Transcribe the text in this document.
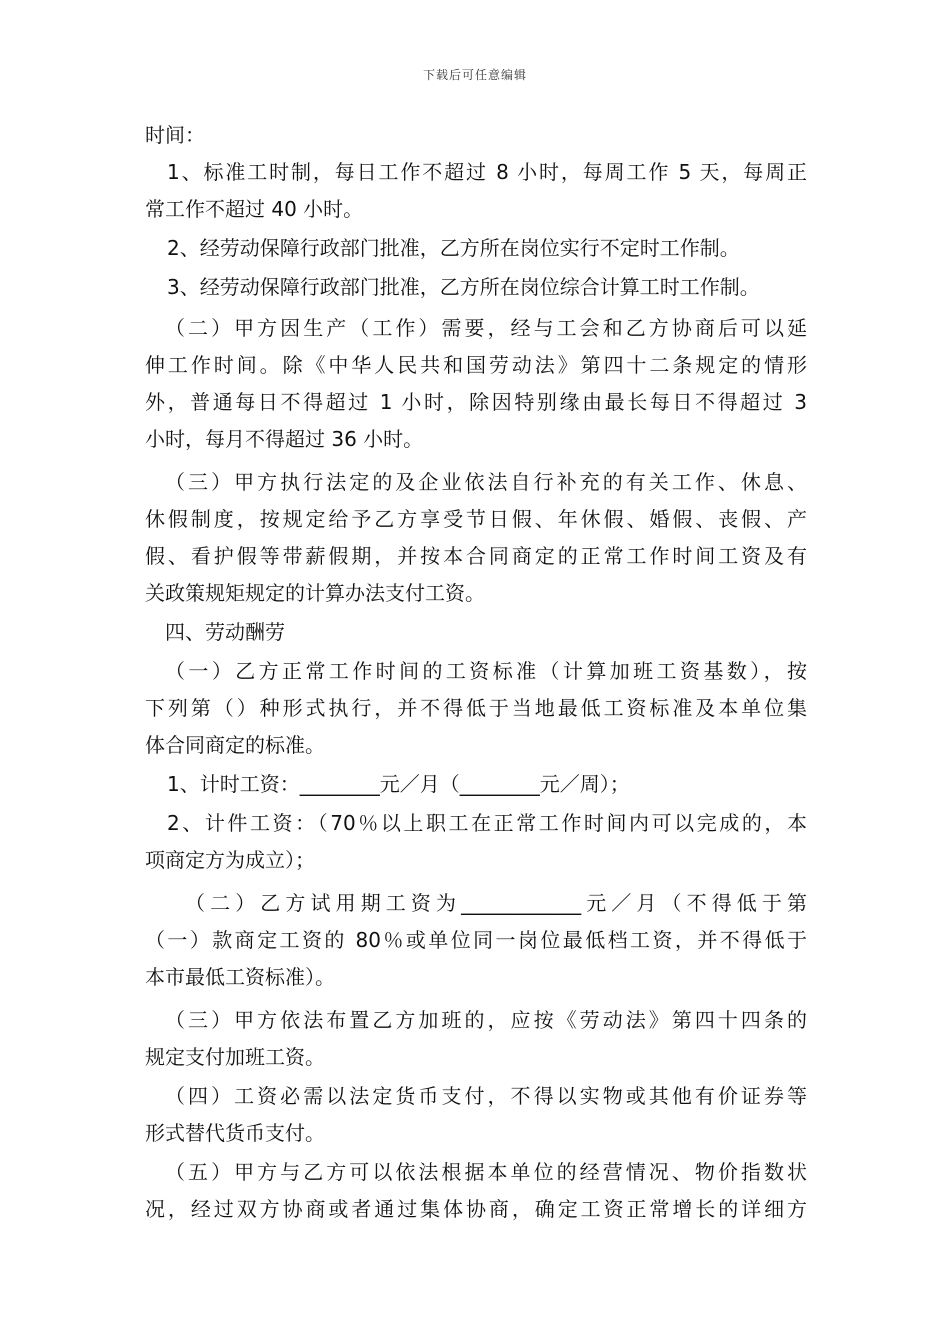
下载后可任意编辑
时间：
1、标准工时制，每日工作不超过 8 小时，每周工作 5 天，每周正
常工作不超过 40 小时。
2、经劳动保障行政部门批准，乙方所在岗位实行不定时工作制。
3、经劳动保障行政部门批准，乙方所在岗位综合计算工时工作制。
（二）甲方因生产（工作）需要，经与工会和乙方协商后可以延
伸工作时间。除《中华人民共和国劳动法》第四十二条规定的情形
外，普通每日不得超过 1 小时，除因特别缘由最长每日不得超过 3
小时，每月不得超过 36 小时。
（三）甲方执行法定的及企业依法自行补充的有关工作、休息、
休假制度，按规定给予乙方享受节日假、年休假、婚假、丧假、产
假、看护假等带薪假期，并按本合同商定的正常工作时间工资及有
关政策规矩规定的计算办法支付工资。
四、劳动酬劳
（一）乙方正常工作时间的工资标准（计算加班工资基数），按
下列第（）种形式执行，并不得低于当地最低工资标准及本单位集
体合同商定的标准。
1、计时工资：________元／月（________元／周）；
2、计件工资：（70％以上职工在正常工作时间内可以完成的，本
项商定方为成立）；
（二）乙方试用期工资为____________元／月（不得低于第
（一）款商定工资的 80％或单位同一岗位最低档工资，并不得低于
本市最低工资标准）。
（三）甲方依法布置乙方加班的，应按《劳动法》第四十四条的
规定支付加班工资。
（四）工资必需以法定货币支付，不得以实物或其他有价证券等
形式替代货币支付。
（五）甲方与乙方可以依法根据本单位的经营情况、物价指数状
况，经过双方协商或者通过集体协商，确定工资正常增长的详细方
